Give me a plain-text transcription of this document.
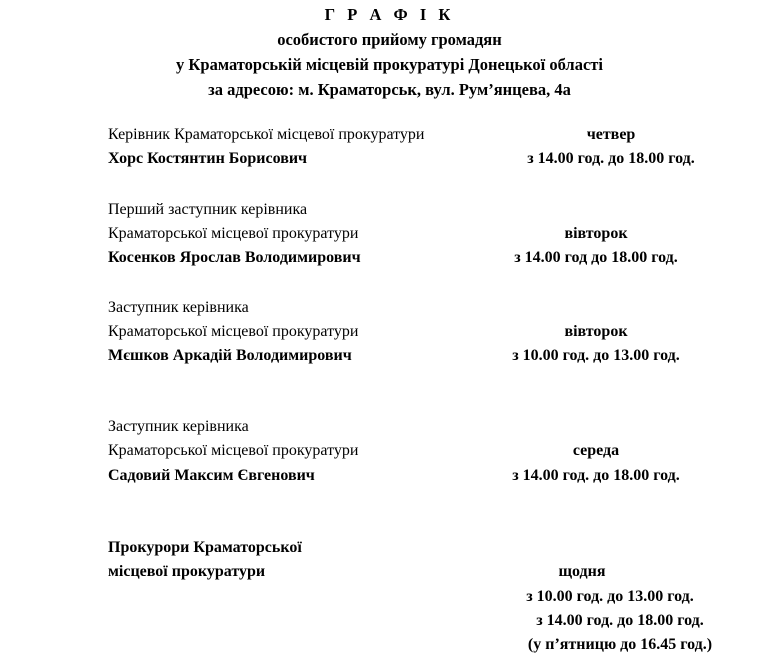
Г Р А Ф І К
особистого прийому громадян
у Краматорській місцевій прокуратурі Донецької області
за адресою: м. Краматорськ, вул. Рум’янцева, 4а
Керівник Краматорської місцевої прокуратури
Хорс Костянтин Борисович
четвер
з 14.00 год. до 18.00 год.
Перший заступник керівника
Краматорської місцевої прокуратури
Косенков Ярослав Володимирович
вівторок
з 14.00 год до 18.00 год.
Заступник керівника
Краматорської місцевої прокуратури
Мєшков Аркадій Володимирович
вівторок
з 10.00 год. до 13.00 год.
Заступник керівника
Краматорської місцевої прокуратури
Садовий Максим Євгенович
середа
з 14.00 год. до 18.00 год.
Прокурори Краматорської
місцевої прокуратури	щодня
з 10.00 год. до 13.00 год.
з 14.00 год. до 18.00 год.
(у п’ятницю до 16.45 год.)
